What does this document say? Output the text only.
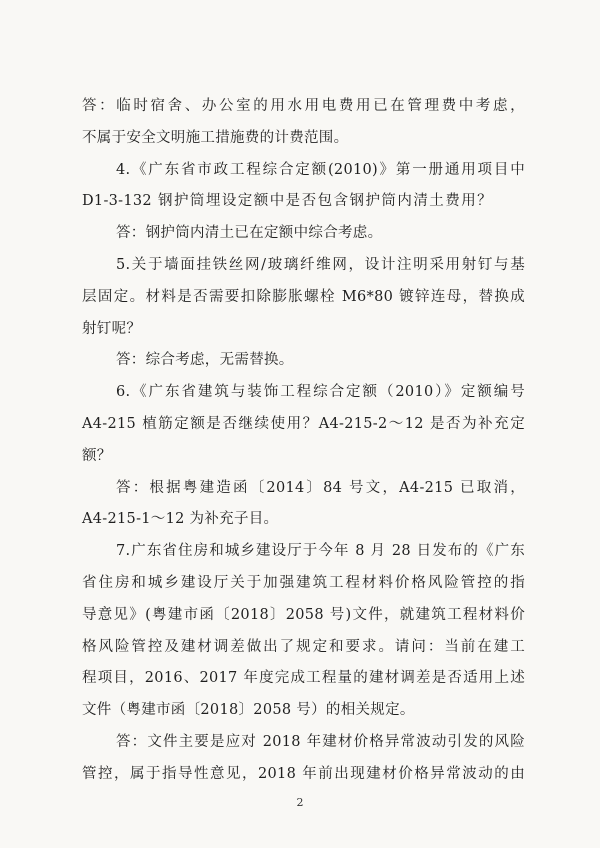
答：临时宿舍、办公室的用水用电费用已在管理费中考虑，
不属于安全文明施工措施费的计费范围。
4.《广东省市政工程综合定额(2010)》第一册通用项目中
D1-3-132 钢护筒埋设定额中是否包含钢护筒内清土费用？
答：钢护筒内清土已在定额中综合考虑。
5.关于墙面挂铁丝网/玻璃纤维网，设计注明采用射钉与基
层固定。材料是否需要扣除膨胀螺栓 M6*80 镀锌连母，替换成
射钉呢？
答：综合考虑，无需替换。
6.《广东省建筑与装饰工程综合定额（2010）》定额编号
A4-215 植筋定额是否继续使用？A4-215-2～12 是否为补充定
额？
答：根据粤建造函〔2014〕84 号文，A4-215 已取消，
A4-215-1～12 为补充子目。
7.广东省住房和城乡建设厅于今年 8 月 28 日发布的《广东
省住房和城乡建设厅关于加强建筑工程材料价格风险管控的指
导意见》(粤建市函〔2018〕2058 号)文件，就建筑工程材料价
格风险管控及建材调差做出了规定和要求。请问：当前在建工
程项目，2016、2017 年度完成工程量的建材调差是否适用上述
文件（粤建市函〔2018〕2058 号）的相关规定。
答：文件主要是应对 2018 年建材价格异常波动引发的风险
管控，属于指导性意见，2018 年前出现建材价格异常波动的由
2
